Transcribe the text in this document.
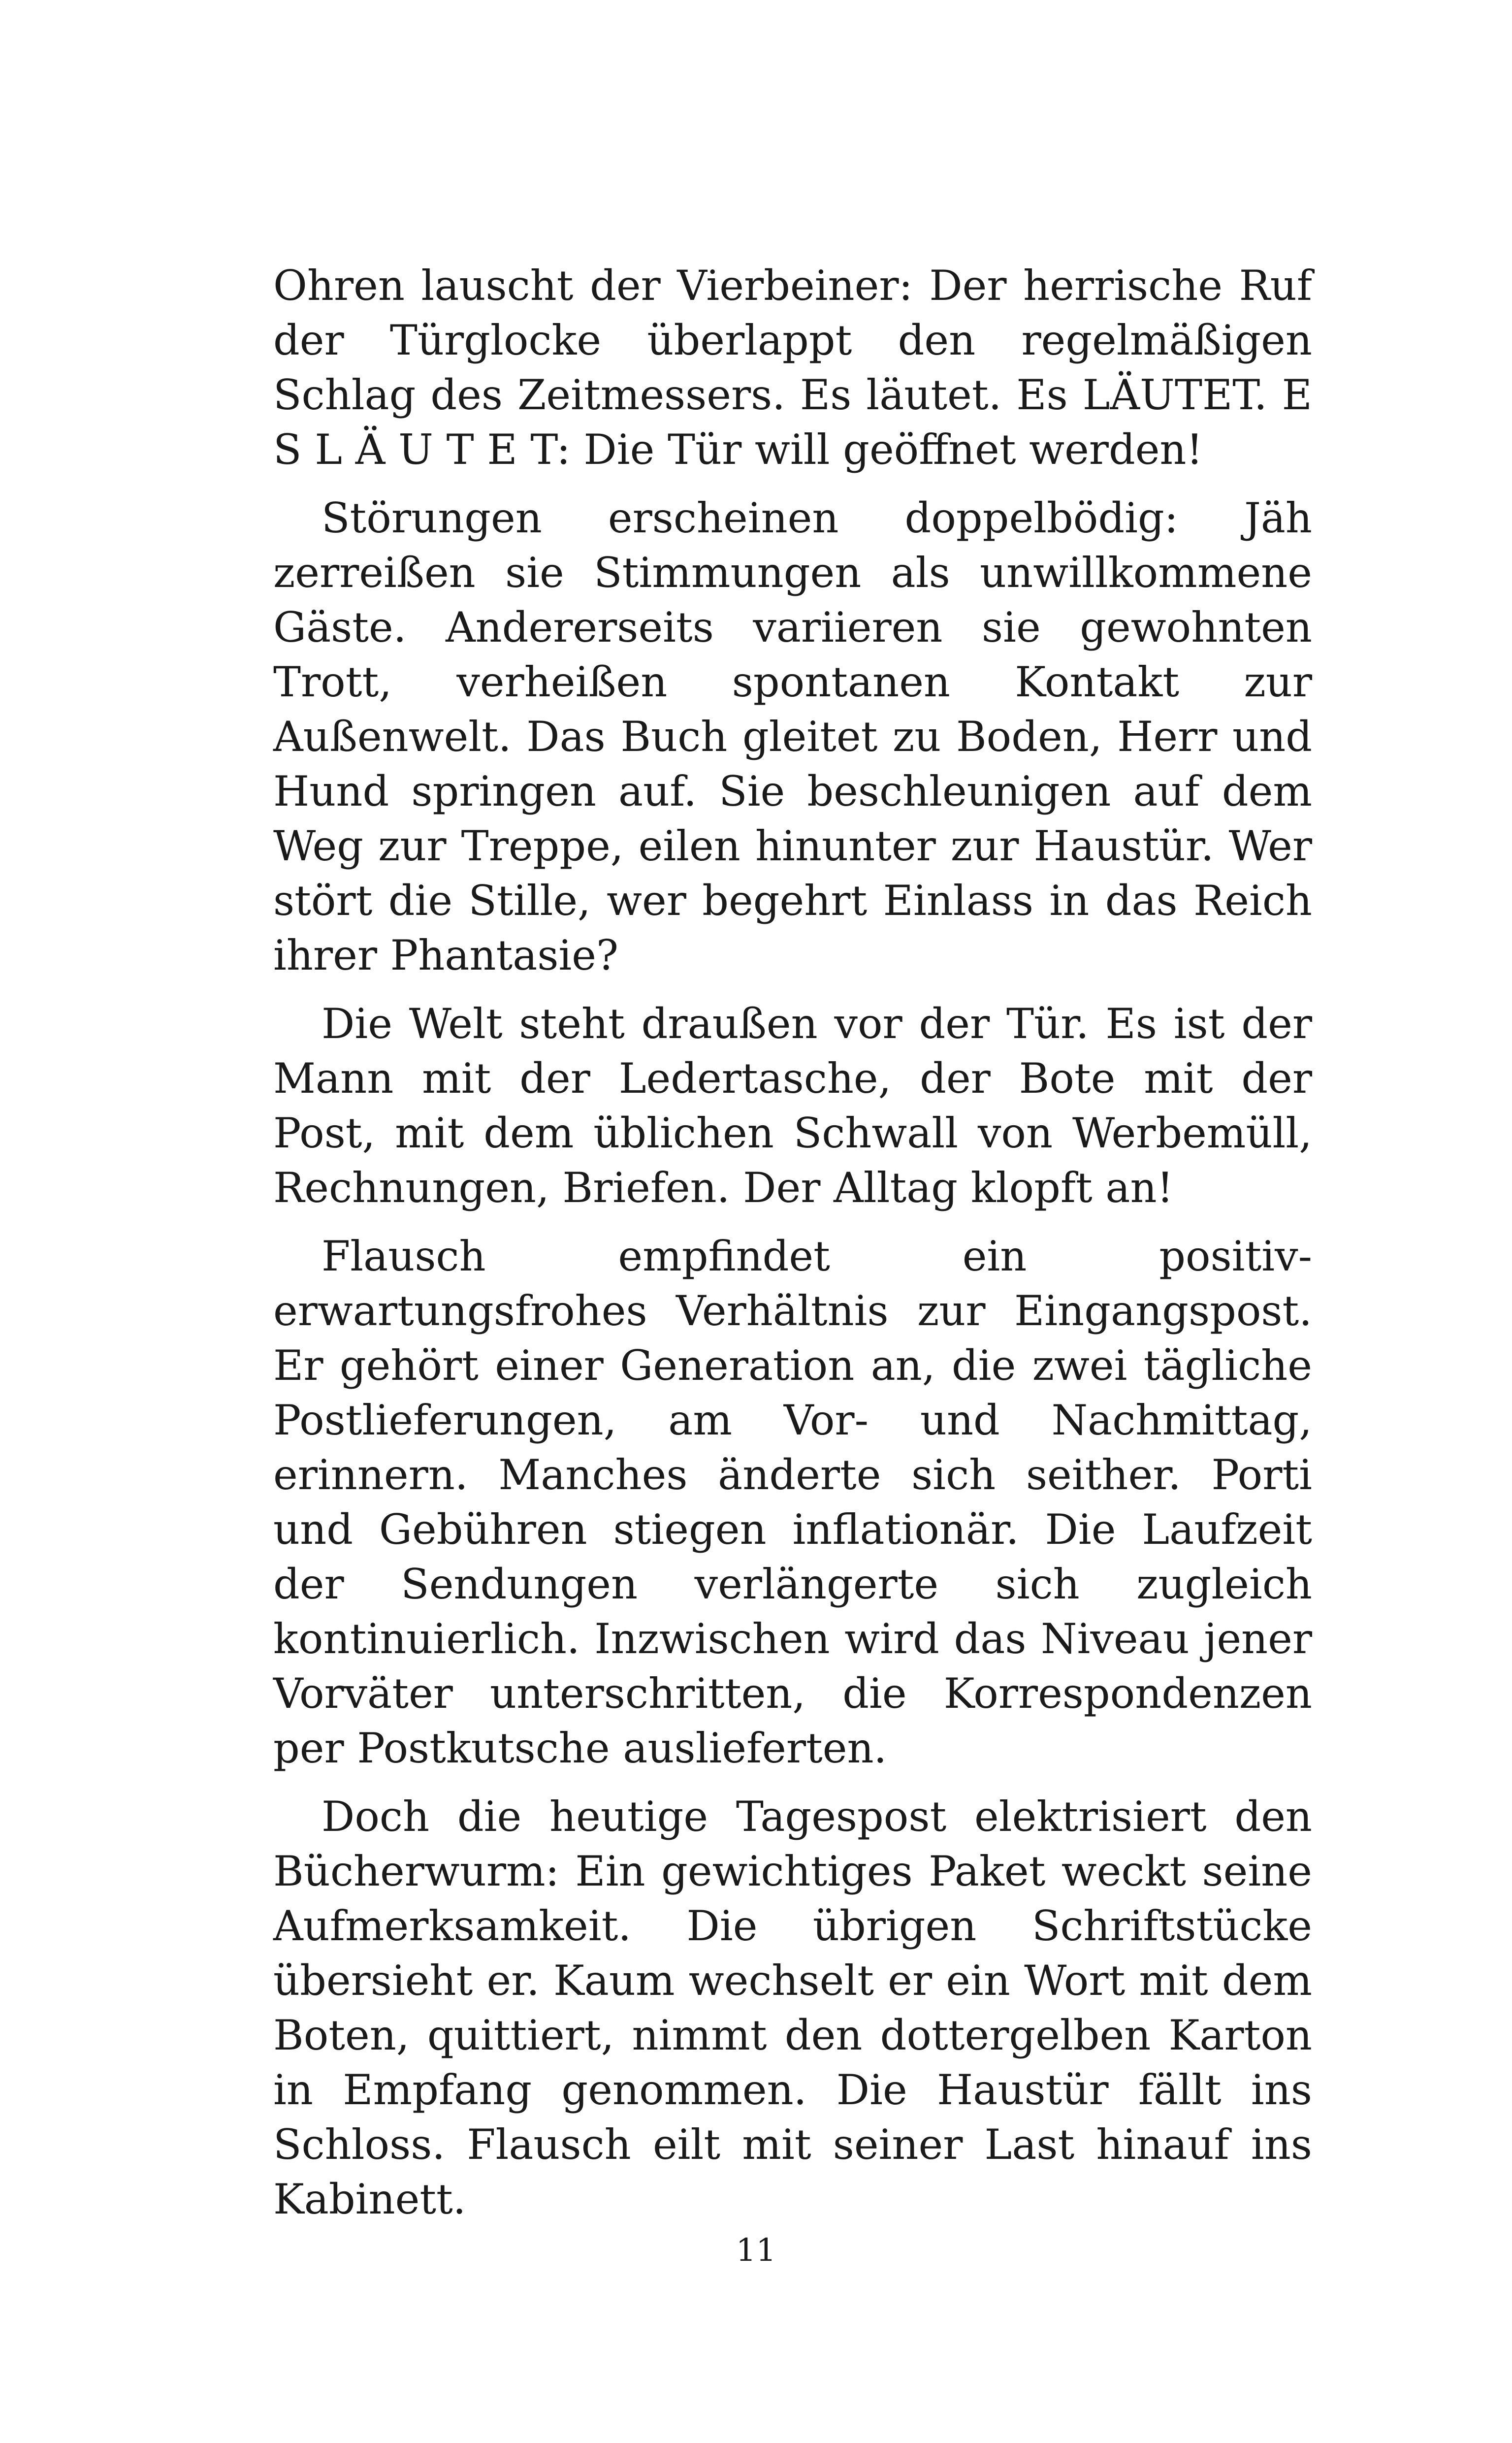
Ohren lauscht der Vierbeiner: Der herrische Ruf der Türglocke überlappt den regelmäßigen Schlag des Zeitmessers. Es läutet. Es LÄUTET. E S L Ä U T E T: Die Tür will geöffnet werden!

Störungen erscheinen doppelbödig: Jäh zerreißen sie Stimmungen als unwillkommene Gäste. Andererseits variieren sie gewohnten Trott, verheißen spontanen Kontakt zur Außenwelt. Das Buch gleitet zu Boden, Herr und Hund springen auf. Sie beschleunigen auf dem Weg zur Treppe, eilen hinunter zur Haustür. Wer stört die Stille, wer begehrt Einlass in das Reich ihrer Phantasie?

Die Welt steht draußen vor der Tür. Es ist der Mann mit der Ledertasche, der Bote mit der Post, mit dem üblichen Schwall von Werbemüll, Rechnungen, Briefen. Der Alltag klopft an!

Flausch empfindet ein positiv-erwartungsfrohes Verhältnis zur Eingangspost. Er gehört einer Generation an, die zwei tägliche Postlieferungen, am Vor- und Nachmittag, erinnern. Manches änderte sich seither. Porti und Gebühren stiegen inflationär. Die Laufzeit der Sendungen verlängerte sich zugleich kontinuierlich. Inzwischen wird das Niveau jener Vorväter unterschritten, die Korrespondenzen per Postkutsche auslieferten.

Doch die heutige Tagespost elektrisiert den Bücherwurm: Ein gewichtiges Paket weckt seine Aufmerksamkeit. Die übrigen Schriftstücke übersieht er. Kaum wechselt er ein Wort mit dem Boten, quittiert, nimmt den dottergelben Karton in Empfang genommen. Die Haustür fällt ins Schloss. Flausch eilt mit seiner Last hinauf ins Kabinett.

11
